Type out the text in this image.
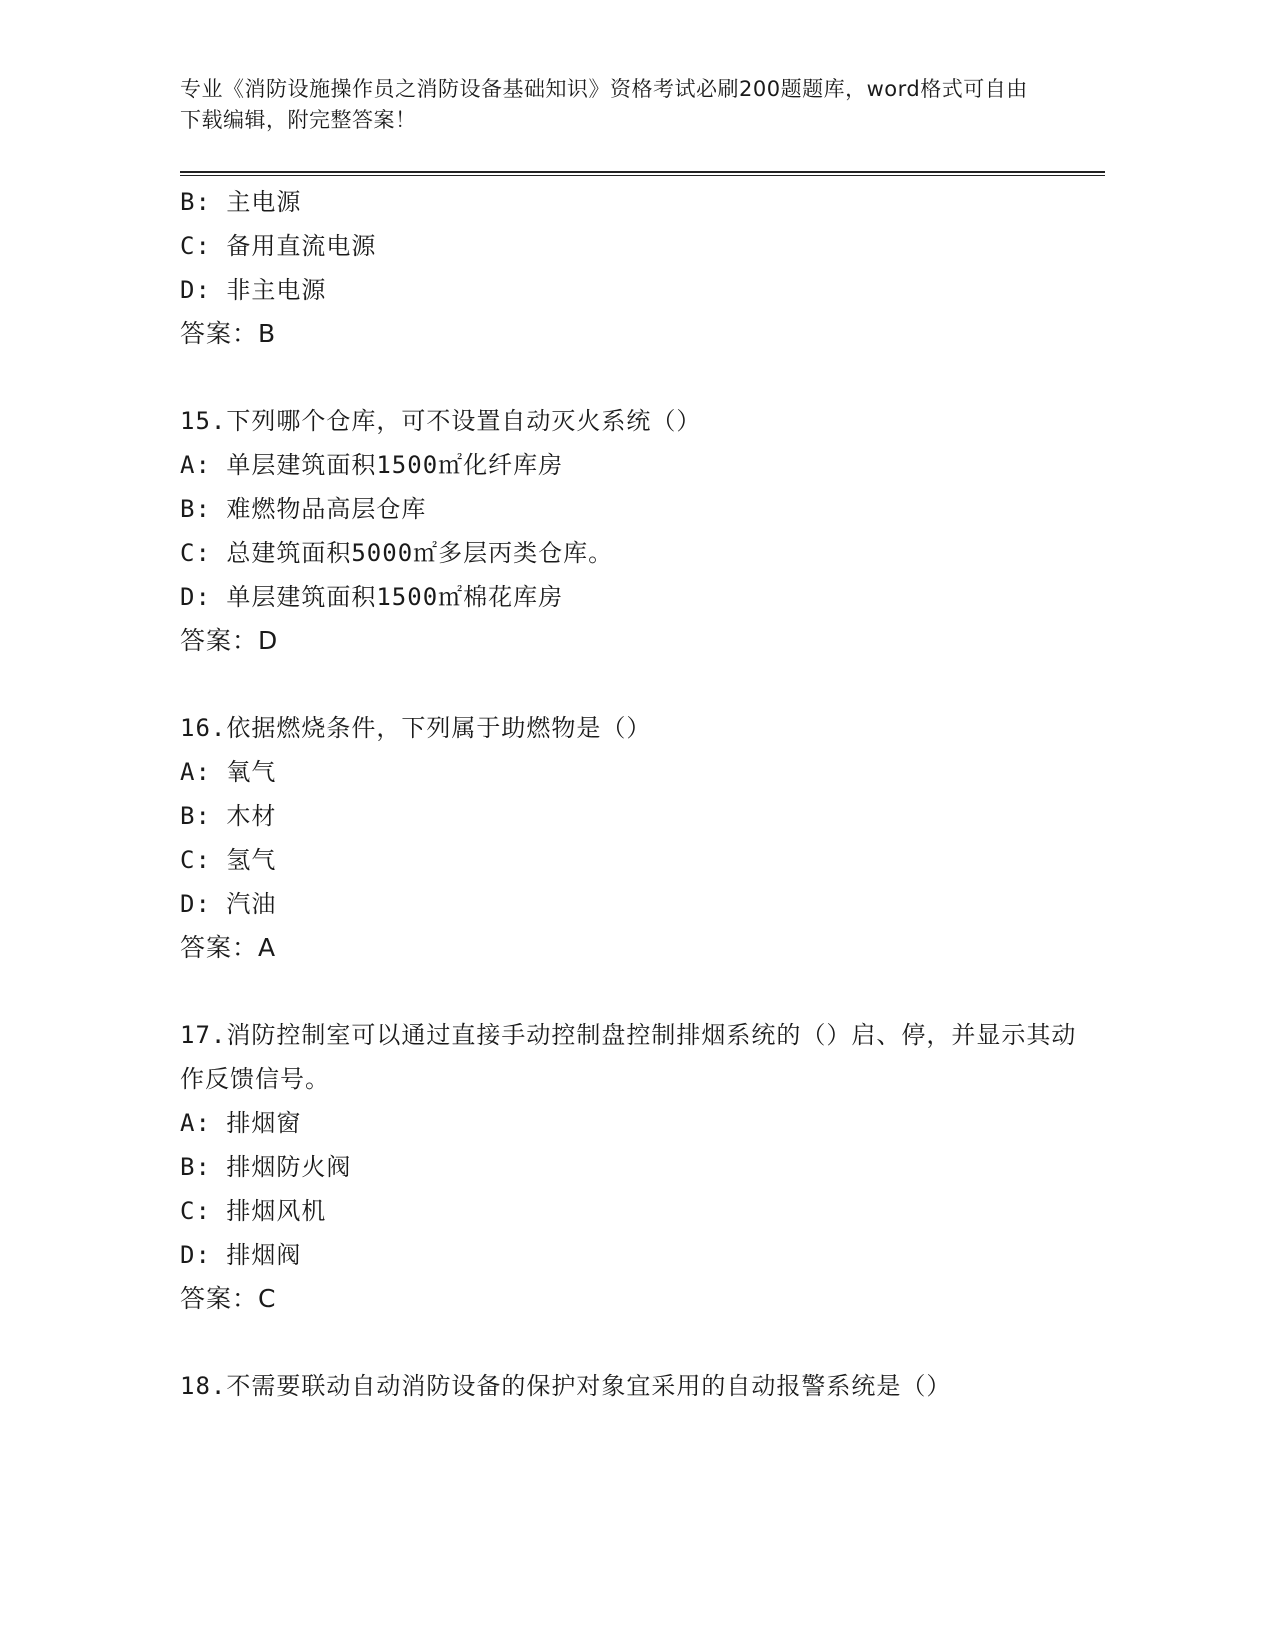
专业《消防设施操作员之消防设备基础知识》资格考试必刷200题题库，word格式可自由下载编辑，附完整答案！
B: 主电源
C: 备用直流电源
D: 非主电源
答案：B
15.下列哪个仓库，可不设置自动灭火系统（）
A: 单层建筑面积1500㎡化纤库房
B: 难燃物品高层仓库
C: 总建筑面积5000㎡多层丙类仓库。
D: 单层建筑面积1500㎡棉花库房
答案：D
16.依据燃烧条件，下列属于助燃物是（）
A: 氧气
B: 木材
C: 氢气
D: 汽油
答案：A
17.消防控制室可以通过直接手动控制盘控制排烟系统的（）启、停，并显示其动作反馈信号。
A: 排烟窗
B: 排烟防火阀
C: 排烟风机
D: 排烟阀
答案：C
18.不需要联动自动消防设备的保护对象宜采用的自动报警系统是（）
